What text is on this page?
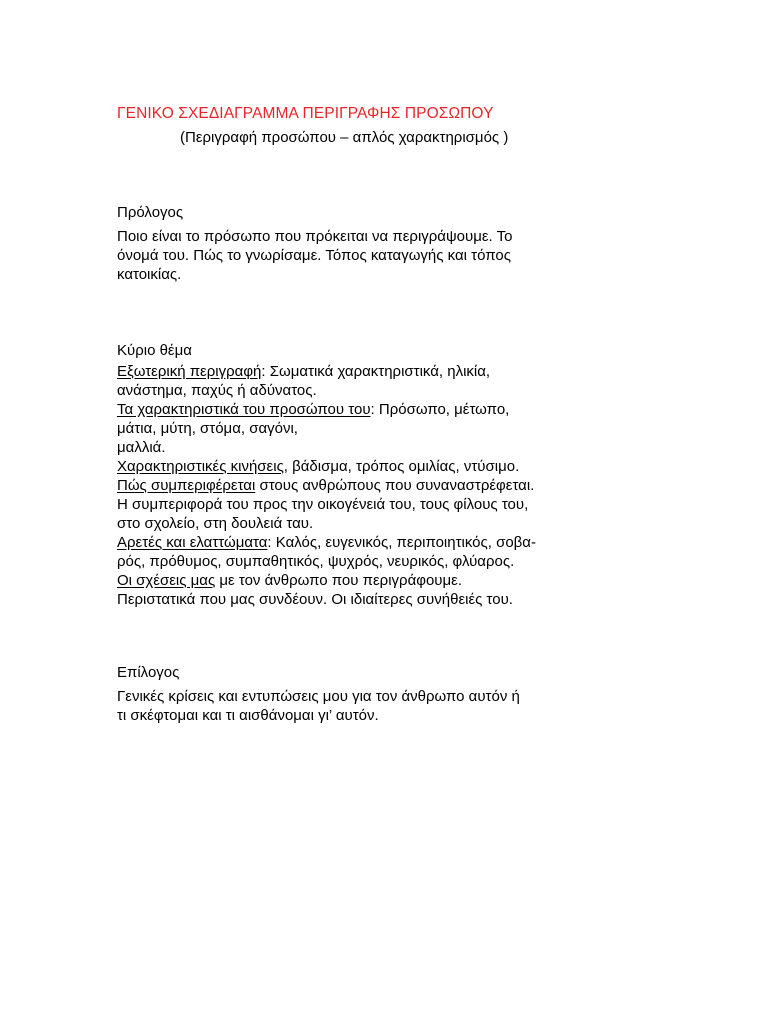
ΓΕΝΙΚΟ ΣΧΕΔΙΑΓΡΑΜΜΑ ΠΕΡΙΓΡΑΦΗΣ ΠΡΟΣΩΠΟΥ
(Περιγραφή προσώπου – απλός χαρακτηρισμός )
Πρόλογος
Ποιο είναι το πρόσωπο που πρόκειται να περιγράψουμε. Το
όνομά του. Πώς το γνωρίσαμε. Τόπος καταγωγής και τόπος
κατοικίας.
Κύριο θέμα
Εξωτερική περιγραφή: Σωματικά χαρακτηριστικά, ηλικία,
ανάστημα, παχύς ή αδύνατος.
Τα χαρακτηριστικά του προσώπου του: Πρόσωπο, μέτωπο,
μάτια, μύτη, στόμα, σαγόνι,
μαλλιά.
Χαρακτηριστικές κινήσεις, βάδισμα, τρόπος ομιλίας, ντύσιμο.
Πώς συμπεριφέρεται στους ανθρώπους που συναναστρέφεται.
Η συμπεριφορά του προς την οικογένειά του, τους φίλους του,
στο σχολείο, στη δουλειά ταυ.
Αρετές και ελαττώματα: Καλός, ευγενικός, περιποιητικός, σοβα-
ρός, πρόθυμος, συμπαθητικός, ψυχρός, νευρικός, φλύαρος.
Οι σχέσεις μας με τον άνθρωπο που περιγράφουμε.
Περιστατικά που μας συνδέουν. Οι ιδιαίτερες συνήθειές του.
Επίλογος
Γενικές κρίσεις και εντυπώσεις μου για τον άνθρωπο αυτόν ή
τι σκέφτομαι και τι αισθάνομαι γι’ αυτόν.
